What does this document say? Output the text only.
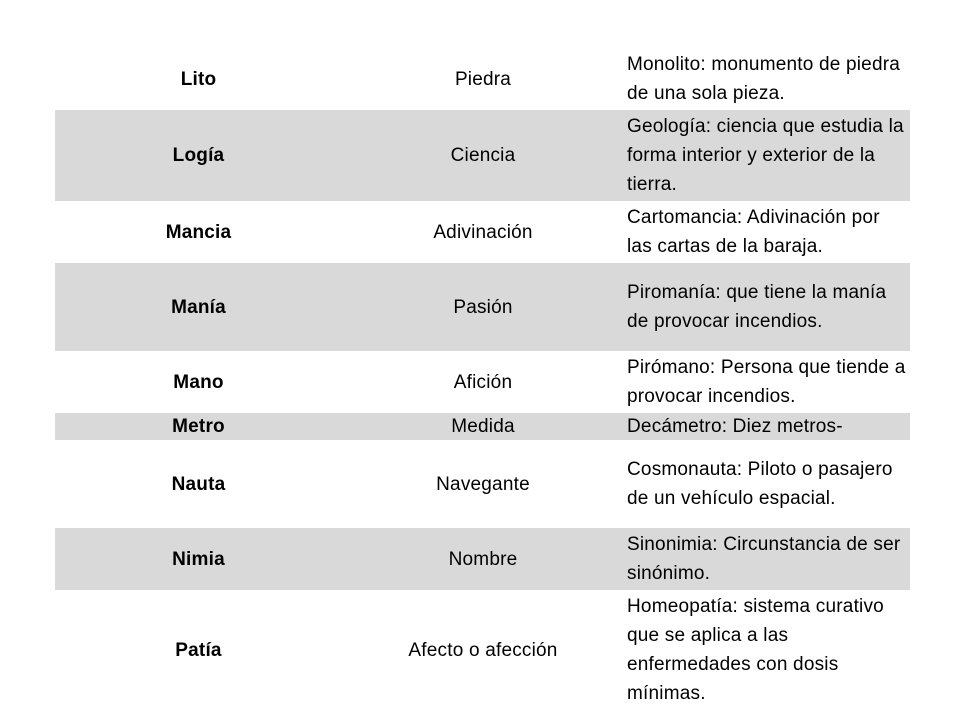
Lito	Piedra	Monolito: monumento de piedra de una sola pieza.
Logía	Ciencia	Geología: ciencia que estudia la forma interior y exterior de la tierra.
Mancia	Adivinación	Cartomancia: Adivinación por las cartas de la baraja.
Manía	Pasión	Piromanía: que tiene la manía de provocar incendios.
Mano	Afición	Pirómano: Persona que tiende a provocar incendios.
Metro	Medida	Decámetro: Diez metros-
Nauta	Navegante	Cosmonauta: Piloto o pasajero de un vehículo espacial.
Nimia	Nombre	Sinonimia: Circunstancia de ser sinónimo.
Patía	Afecto o afección	Homeopatía: sistema curativo que se aplica a las enfermedades con dosis mínimas.
